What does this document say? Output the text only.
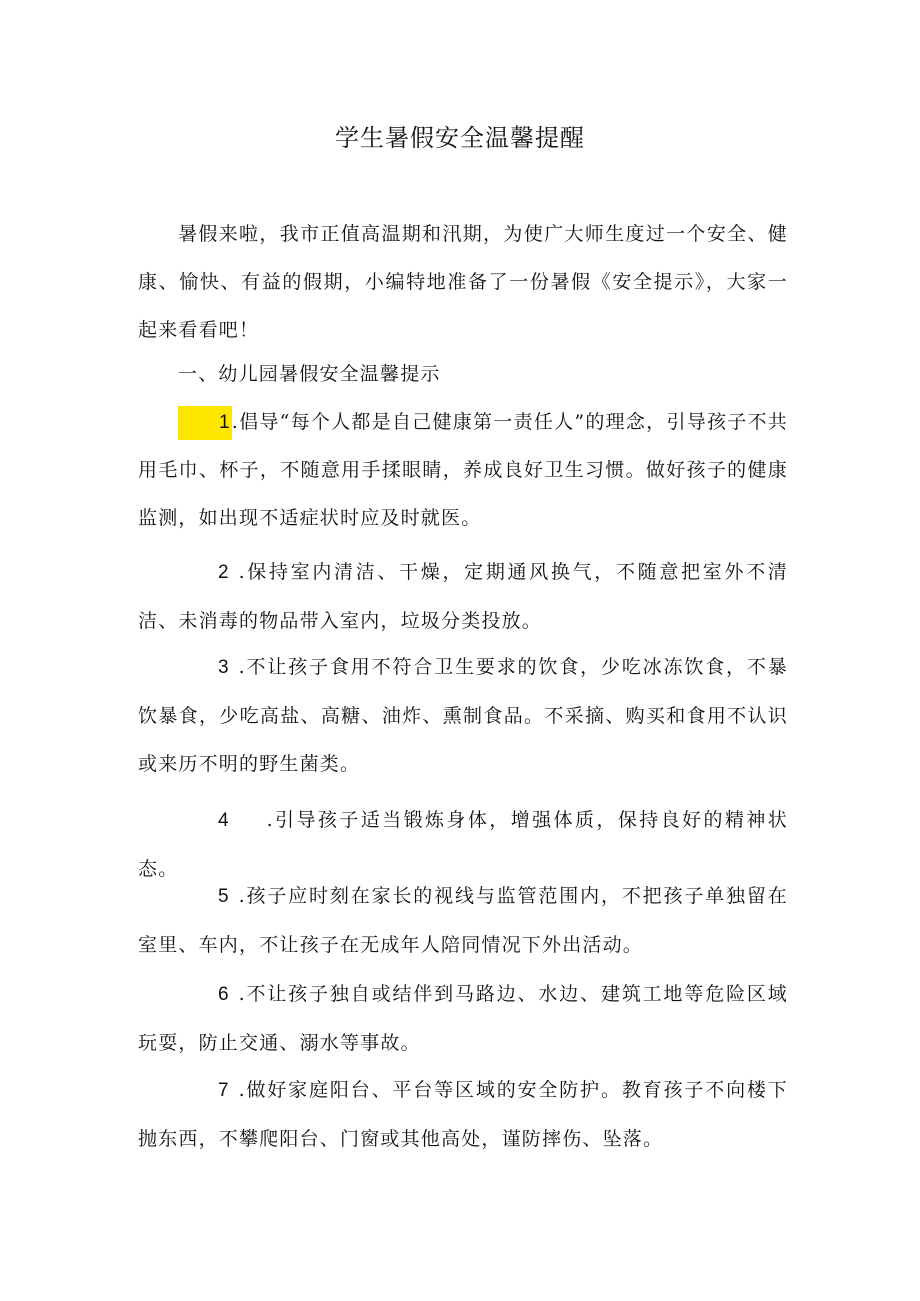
学生暑假安全温馨提醒

暑假来啦，我市正值高温期和汛期，为使广大师生度过一个安全、健康、愉快、有益的假期，小编特地准备了一份暑假《安全提示》，大家一起来看看吧！

一、幼儿园暑假安全温馨提示

1.倡导“每个人都是自己健康第一责任人”的理念，引导孩子不共用毛巾、杯子，不随意用手揉眼睛，养成良好卫生习惯。做好孩子的健康监测，如出现不适症状时应及时就医。

2 .保持室内清洁、干燥，定期通风换气，不随意把室外不清洁、未消毒的物品带入室内，垃圾分类投放。

3 .不让孩子食用不符合卫生要求的饮食，少吃冰冻饮食，不暴饮暴食，少吃高盐、高糖、油炸、熏制食品。不采摘、购买和食用不认识或来历不明的野生菌类。

4 .引导孩子适当锻炼身体，增强体质，保持良好的精神状态。

5 .孩子应时刻在家长的视线与监管范围内，不把孩子单独留在室里、车内，不让孩子在无成年人陪同情况下外出活动。

6 .不让孩子独自或结伴到马路边、水边、建筑工地等危险区域玩耍，防止交通、溺水等事故。

7 .做好家庭阳台、平台等区域的安全防护。教育孩子不向楼下抛东西，不攀爬阳台、门窗或其他高处，谨防摔伤、坠落。
